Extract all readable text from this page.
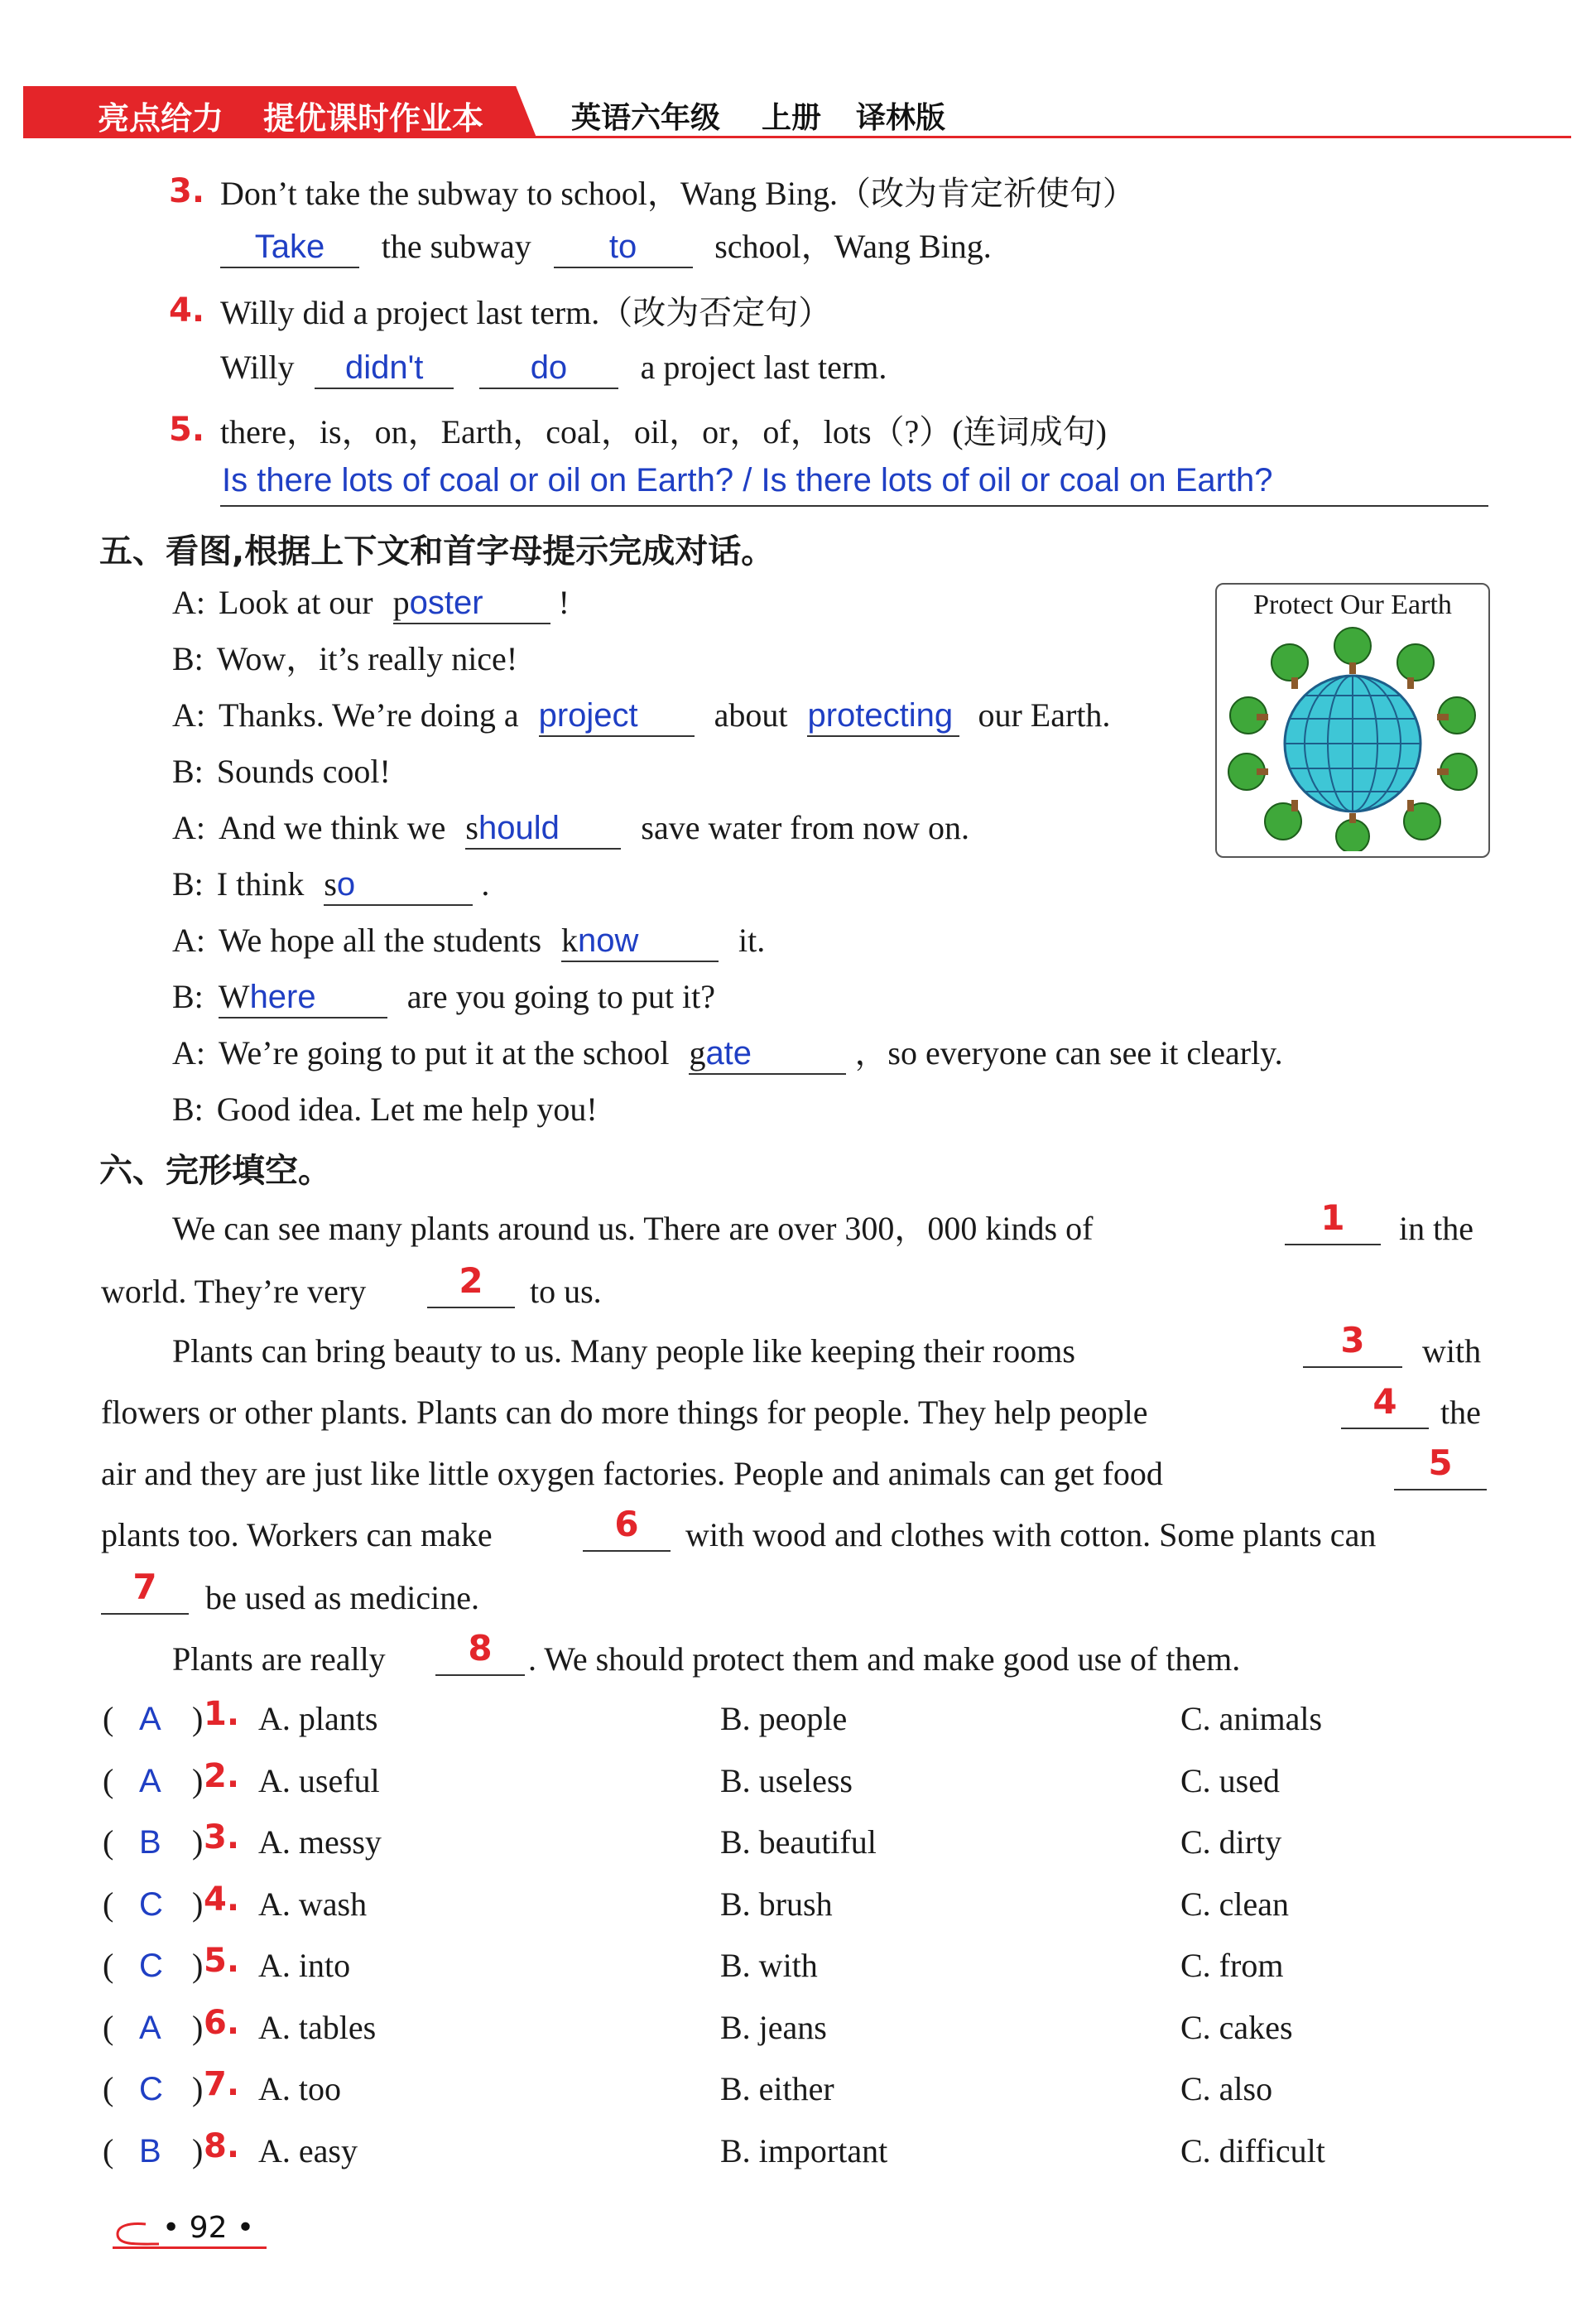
亮点给力 提优课时作业本	英语六年级 上册 译林版
3. Don’t take the subway to school，Wang Bing.（改为肯定祈使句）
Take the subway to school，Wang Bing.
4. Willy did a project last term.（改为否定句）
Willy didn't	do a project last term.
5. there，is，on，Earth，coal，oil，or，of，lots（?）(连词成句)
Is there lots of coal or oil on Earth? / Is there lots of oil or coal on Earth?
五、看图,根据上下文和首字母提示完成对话。
Protect Our Earth
A: Look at our poster !
B: Wow，it’s really nice!
A: Thanks. We’re doing a project about protecting our Earth.
B: Sounds cool!
A: And we think we should save water from now on.
B: I think so	.
A: We hope all the students know	it.
B: Where	are you going to put it?
A: We’re going to put it at the school gate	，so everyone can see it clearly.
B: Good idea. Let me help you!
六、完形填空。
We can see many plants around us. There are over 300，000 kinds of	1	in the
world. They’re very	2	to us.
Plants can bring beauty to us. Many people like keeping their rooms	3	with
flowers or other plants. Plants can do more things for people. They help people	4	the
air and they are just like little oxygen factories. People and animals can get food	5
plants too. Workers can make	6	with wood and clothes with cotton. Some plants can
7	be used as medicine.
Plants are really	8	. We should protect them and make good use of them.
( A ) 1. A. plants	B. people	C. animals
( A ) 2. A. useful	B. useless	C. used
( B ) 3. A. messy	B. beautiful	C. dirty
( C ) 4. A. wash	B. brush	C. clean
( C ) 5. A. into	B. with	C. from
( A ) 6. A. tables	B. jeans	C. cakes
( C ) 7. A. too	B. either	C. also
( B ) 8. A. easy	B. important	C. difficult
• 92 •
